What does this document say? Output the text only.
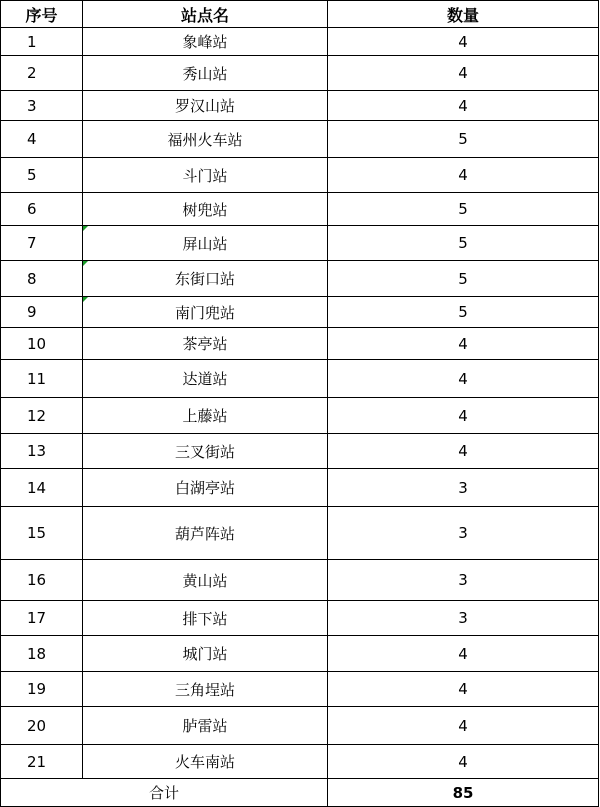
序号	站点名	数量
1	象峰站	4
2	秀山站	4
3	罗汉山站	4
4	福州火车站	5
5	斗门站	4
6	树兜站	5
7	屏山站	5
8	东街口站	5
9	南门兜站	5
10	茶亭站	4
11	达道站	4
12	上藤站	4
13	三叉街站	4
14	白湖亭站	3
15	葫芦阵站	3
16	黄山站	3
17	排下站	3
18	城门站	4
19	三角埕站	4
20	胪雷站	4
21	火车南站	4
合计		85
